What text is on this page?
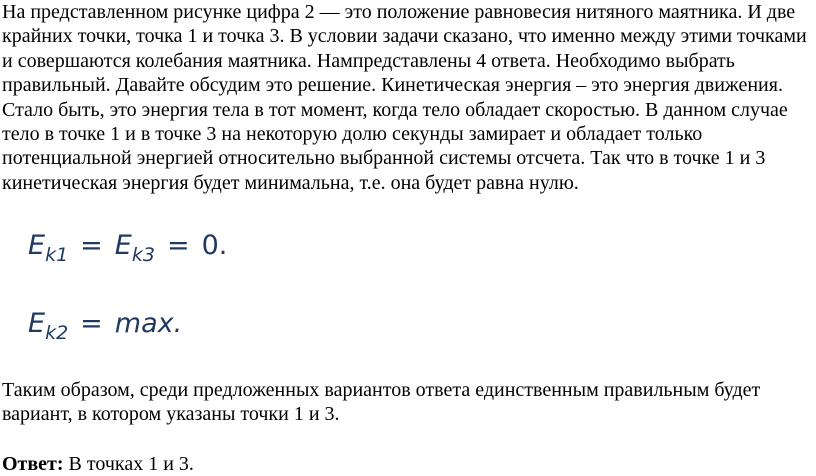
На представленном рисунке цифра 2 — это положение равновесия нитяного маятника. И две крайних точки, точка 1 и точка 3. В условии задачи сказано, что именно между этими точками и совершаются колебания маятника. Нампредставлены 4 ответа. Необходимо выбрать правильный. Давайте обсудим это решение. Кинетическая энергия – это энергия движения. Стало быть, это энергия тела в тот момент, когда тело обладает скоростью. В данном случае тело в точке 1 и в точке 3 на некоторую долю секунды замирает и обладает только потенциальной энергией относительно выбранной системы отсчета. Так что в точке 1 и 3 кинетическая энергия будет минимальна, т.е. она будет равна нулю.

$E_{k1} = E_{k3} = 0$.
$E_{k2} = \max$.

Таким образом, среди предложенных вариантов ответа единственным правильным будет вариант, в котором указаны точки 1 и 3.

Ответ: В точках 1 и 3.
